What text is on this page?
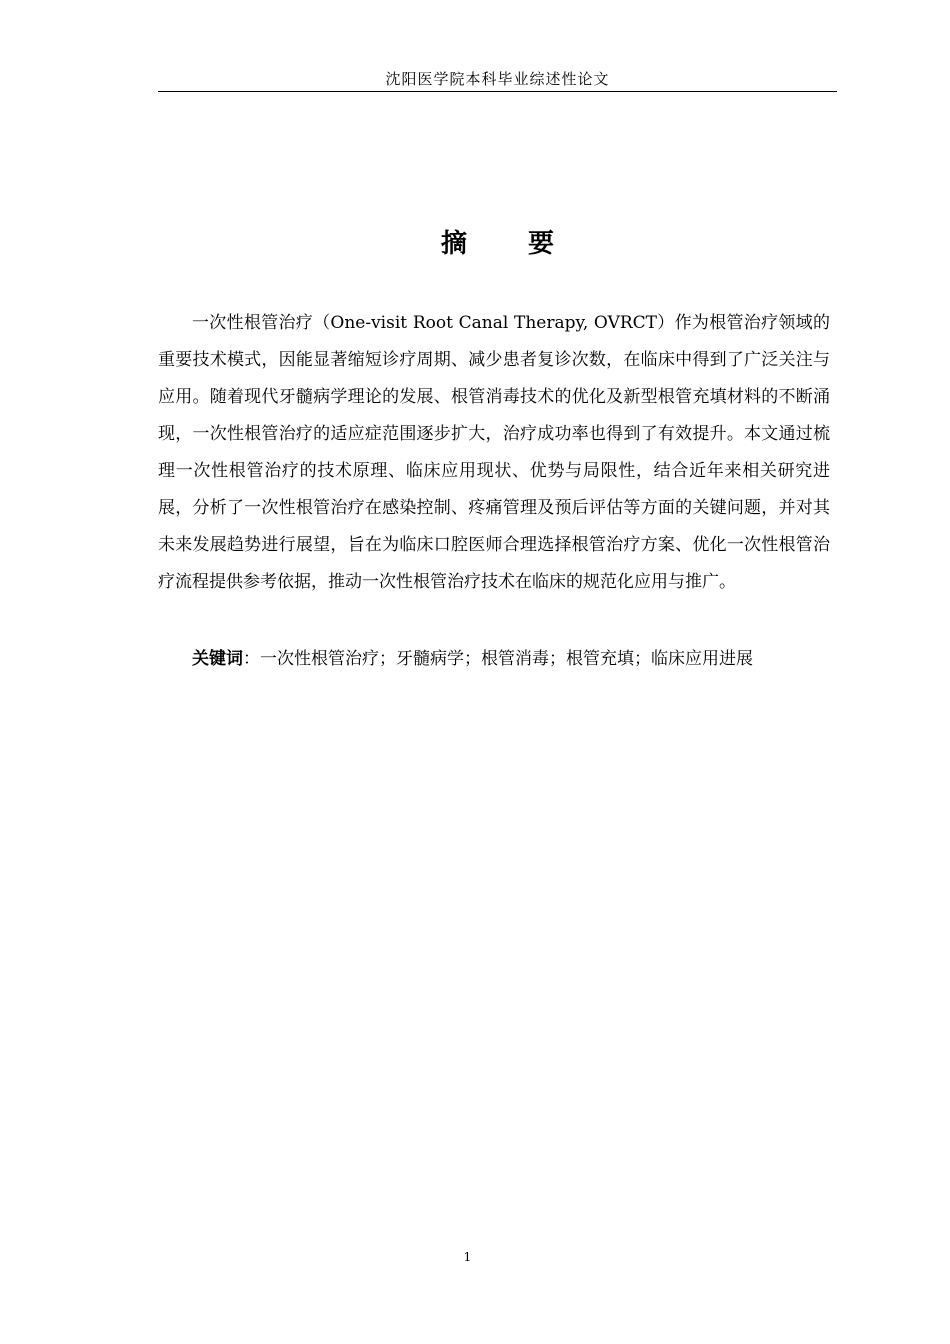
沈阳医学院本科毕业综述性论文
摘 要

一次性根管治疗（One-visit Root Canal Therapy, OVRCT）作为根管治疗领域的重要技术模式，因能显著缩短诊疗周期、减少患者复诊次数，在临床中得到了广泛关注与应用。随着现代牙髓病学理论的发展、根管消毒技术的优化及新型根管充填材料的不断涌现，一次性根管治疗的适应症范围逐步扩大，治疗成功率也得到了有效提升。本文通过梳理一次性根管治疗的技术原理、临床应用现状、优势与局限性，结合近年来相关研究进展，分析了一次性根管治疗在感染控制、疼痛管理及预后评估等方面的关键问题，并对其未来发展趋势进行展望，旨在为临床口腔医师合理选择根管治疗方案、优化一次性根管治疗流程提供参考依据，推动一次性根管治疗技术在临床的规范化应用与推广。

关键词：一次性根管治疗；牙髓病学；根管消毒；根管充填；临床应用进展

1
